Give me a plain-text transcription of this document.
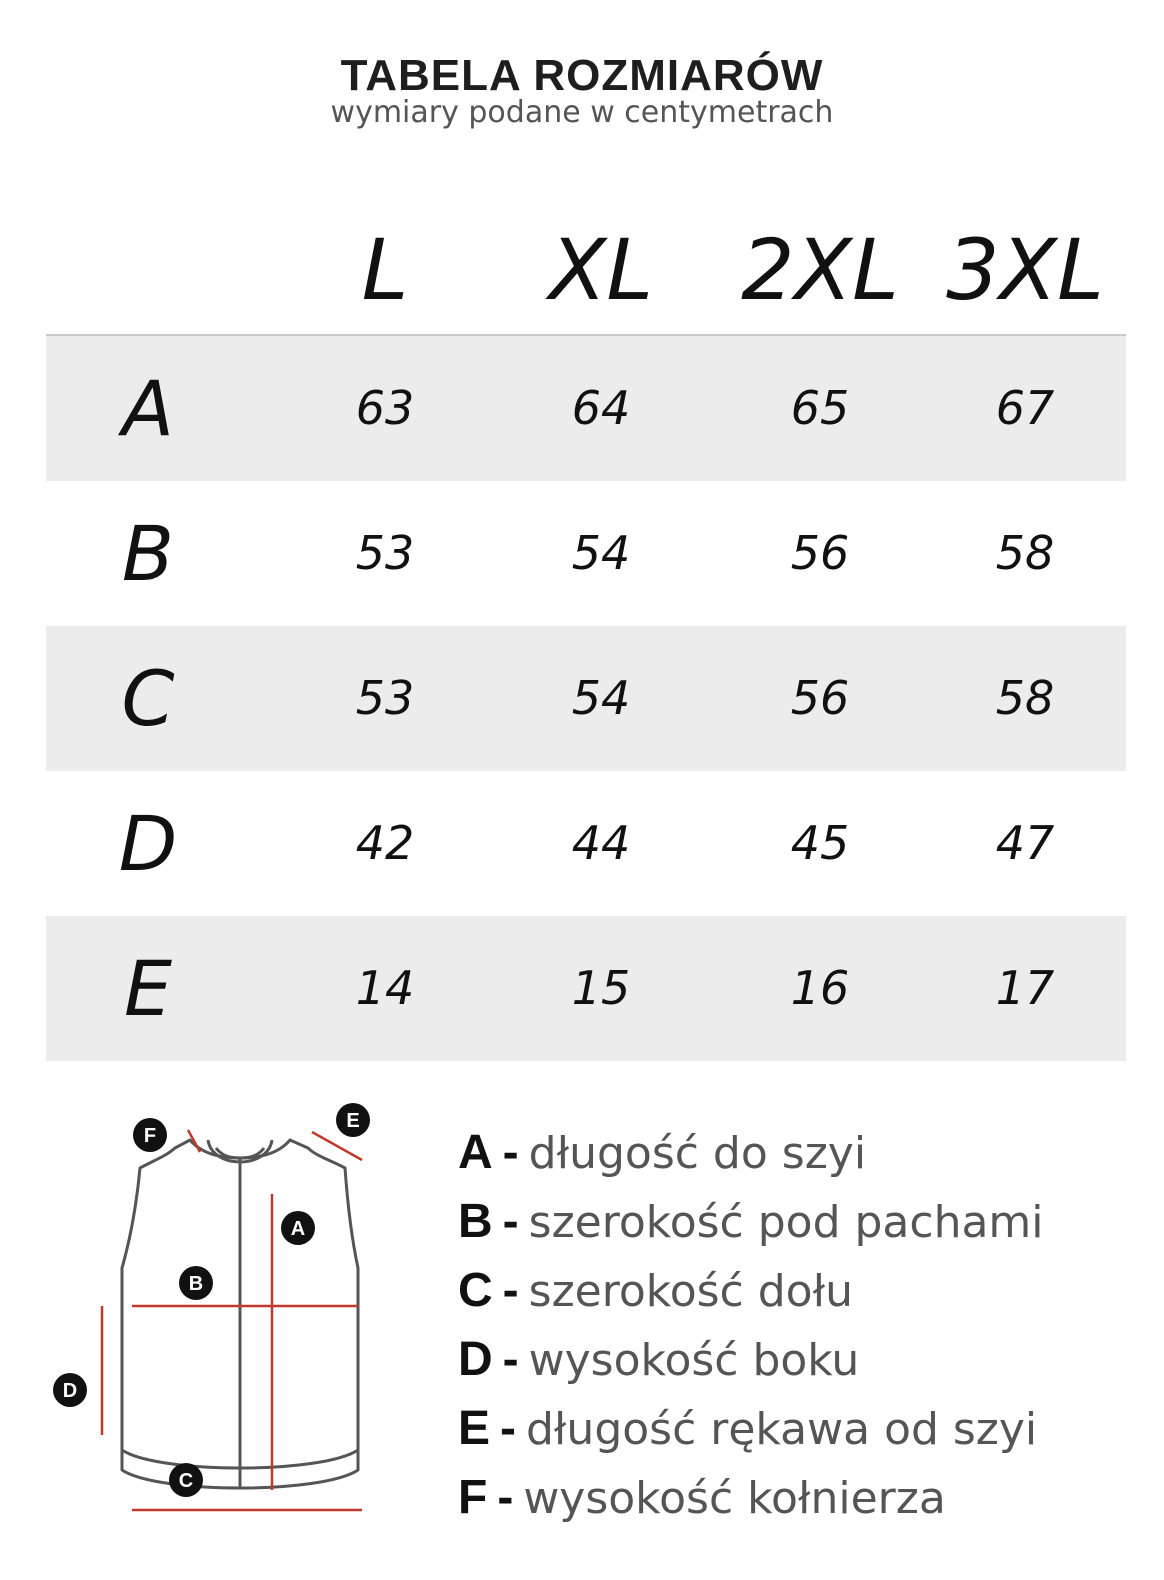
TABELA ROZMIARÓW
wymiary podane w centymetrach
L XL 2XL 3XL
A	63	64	65	67
B	53	54	56	58
C	53	54	56	58
D	42	44	45	47
E	14	15	16	17
A
B
C
D
E
F	A - długość do szyi
B - szerokość pod pachami
C - szerokość dołu
D - wysokość boku
E - długość rękawa od szyi
F - wysokość kołnierza
